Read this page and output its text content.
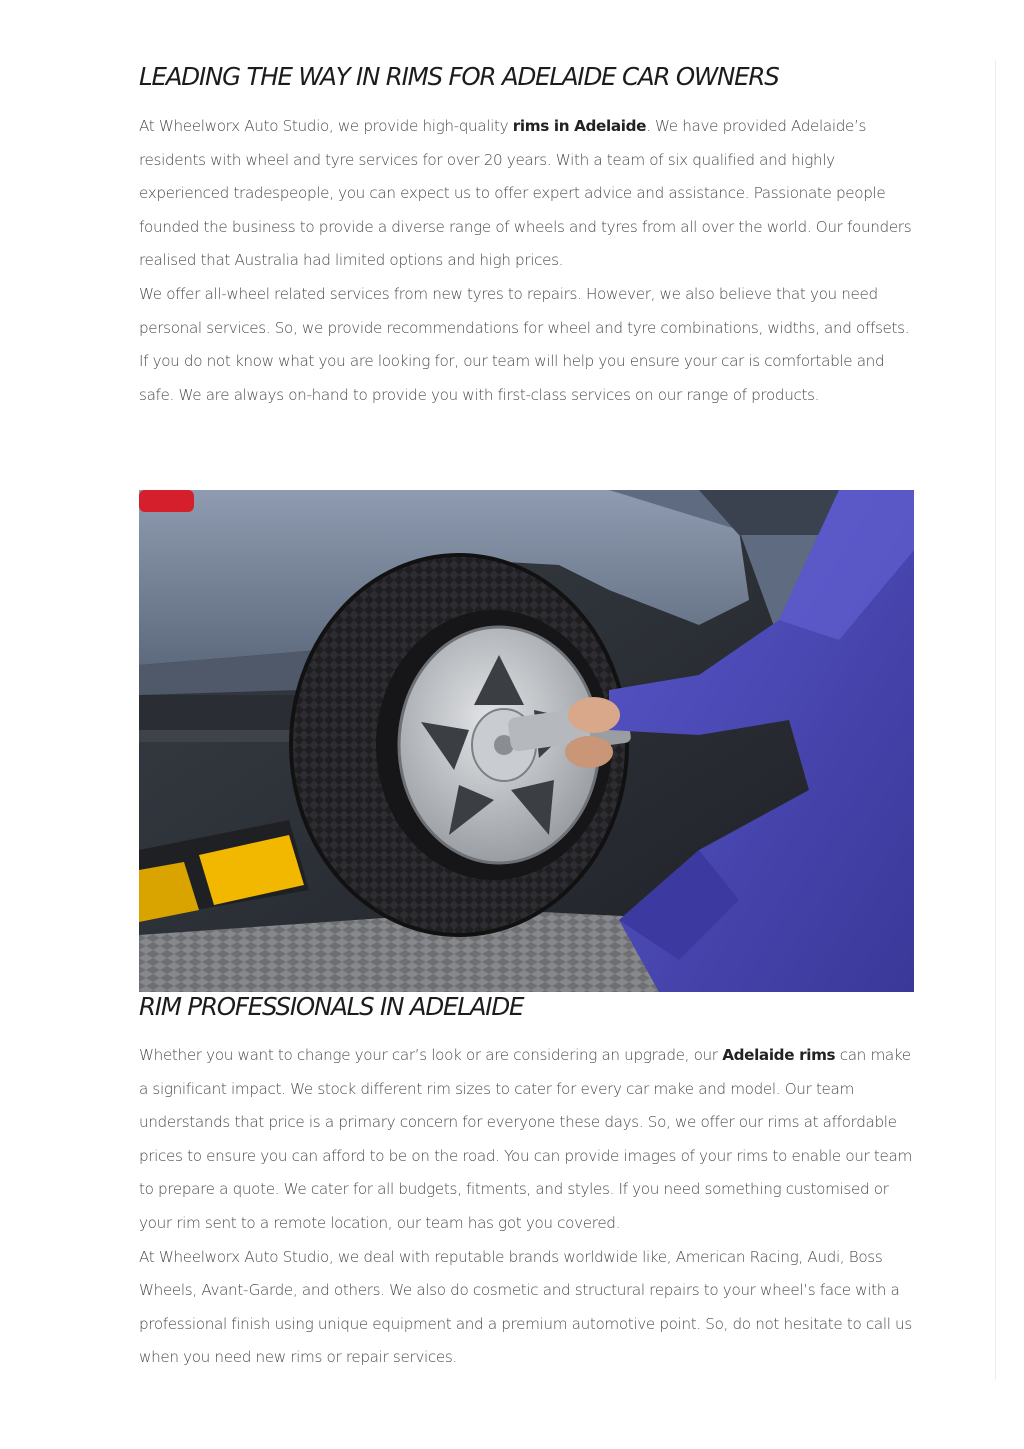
LEADING THE WAY IN RIMS FOR ADELAIDE CAR OWNERS

At Wheelworx Auto Studio, we provide high-quality rims in Adelaide. We have provided Adelaide’s residents with wheel and tyre services for over 20 years. With a team of six qualified and highly experienced tradespeople, you can expect us to offer expert advice and assistance. Passionate people founded the business to provide a diverse range of wheels and tyres from all over the world. Our founders realised that Australia had limited options and high prices.

We offer all-wheel related services from new tyres to repairs. However, we also believe that you need personal services. So, we provide recommendations for wheel and tyre combinations, widths, and offsets. If you do not know what you are looking for, our team will help you ensure your car is comfortable and safe. We are always on-hand to provide you with first-class services on our range of products.

RIM PROFESSIONALS IN ADELAIDE

Whether you want to change your car’s look or are considering an upgrade, our Adelaide rims can make a significant impact. We stock different rim sizes to cater for every car make and model. Our team understands that price is a primary concern for everyone these days. So, we offer our rims at affordable prices to ensure you can afford to be on the road. You can provide images of your rims to enable our team to prepare a quote. We cater for all budgets, fitments, and styles. If you need something customised or your rim sent to a remote location, our team has got you covered.

At Wheelworx Auto Studio, we deal with reputable brands worldwide like, American Racing, Audi, Boss Wheels, Avant-Garde, and others. We also do cosmetic and structural repairs to your wheel’s face with a professional finish using unique equipment and a premium automotive point. So, do not hesitate to call us when you need new rims or repair services.
